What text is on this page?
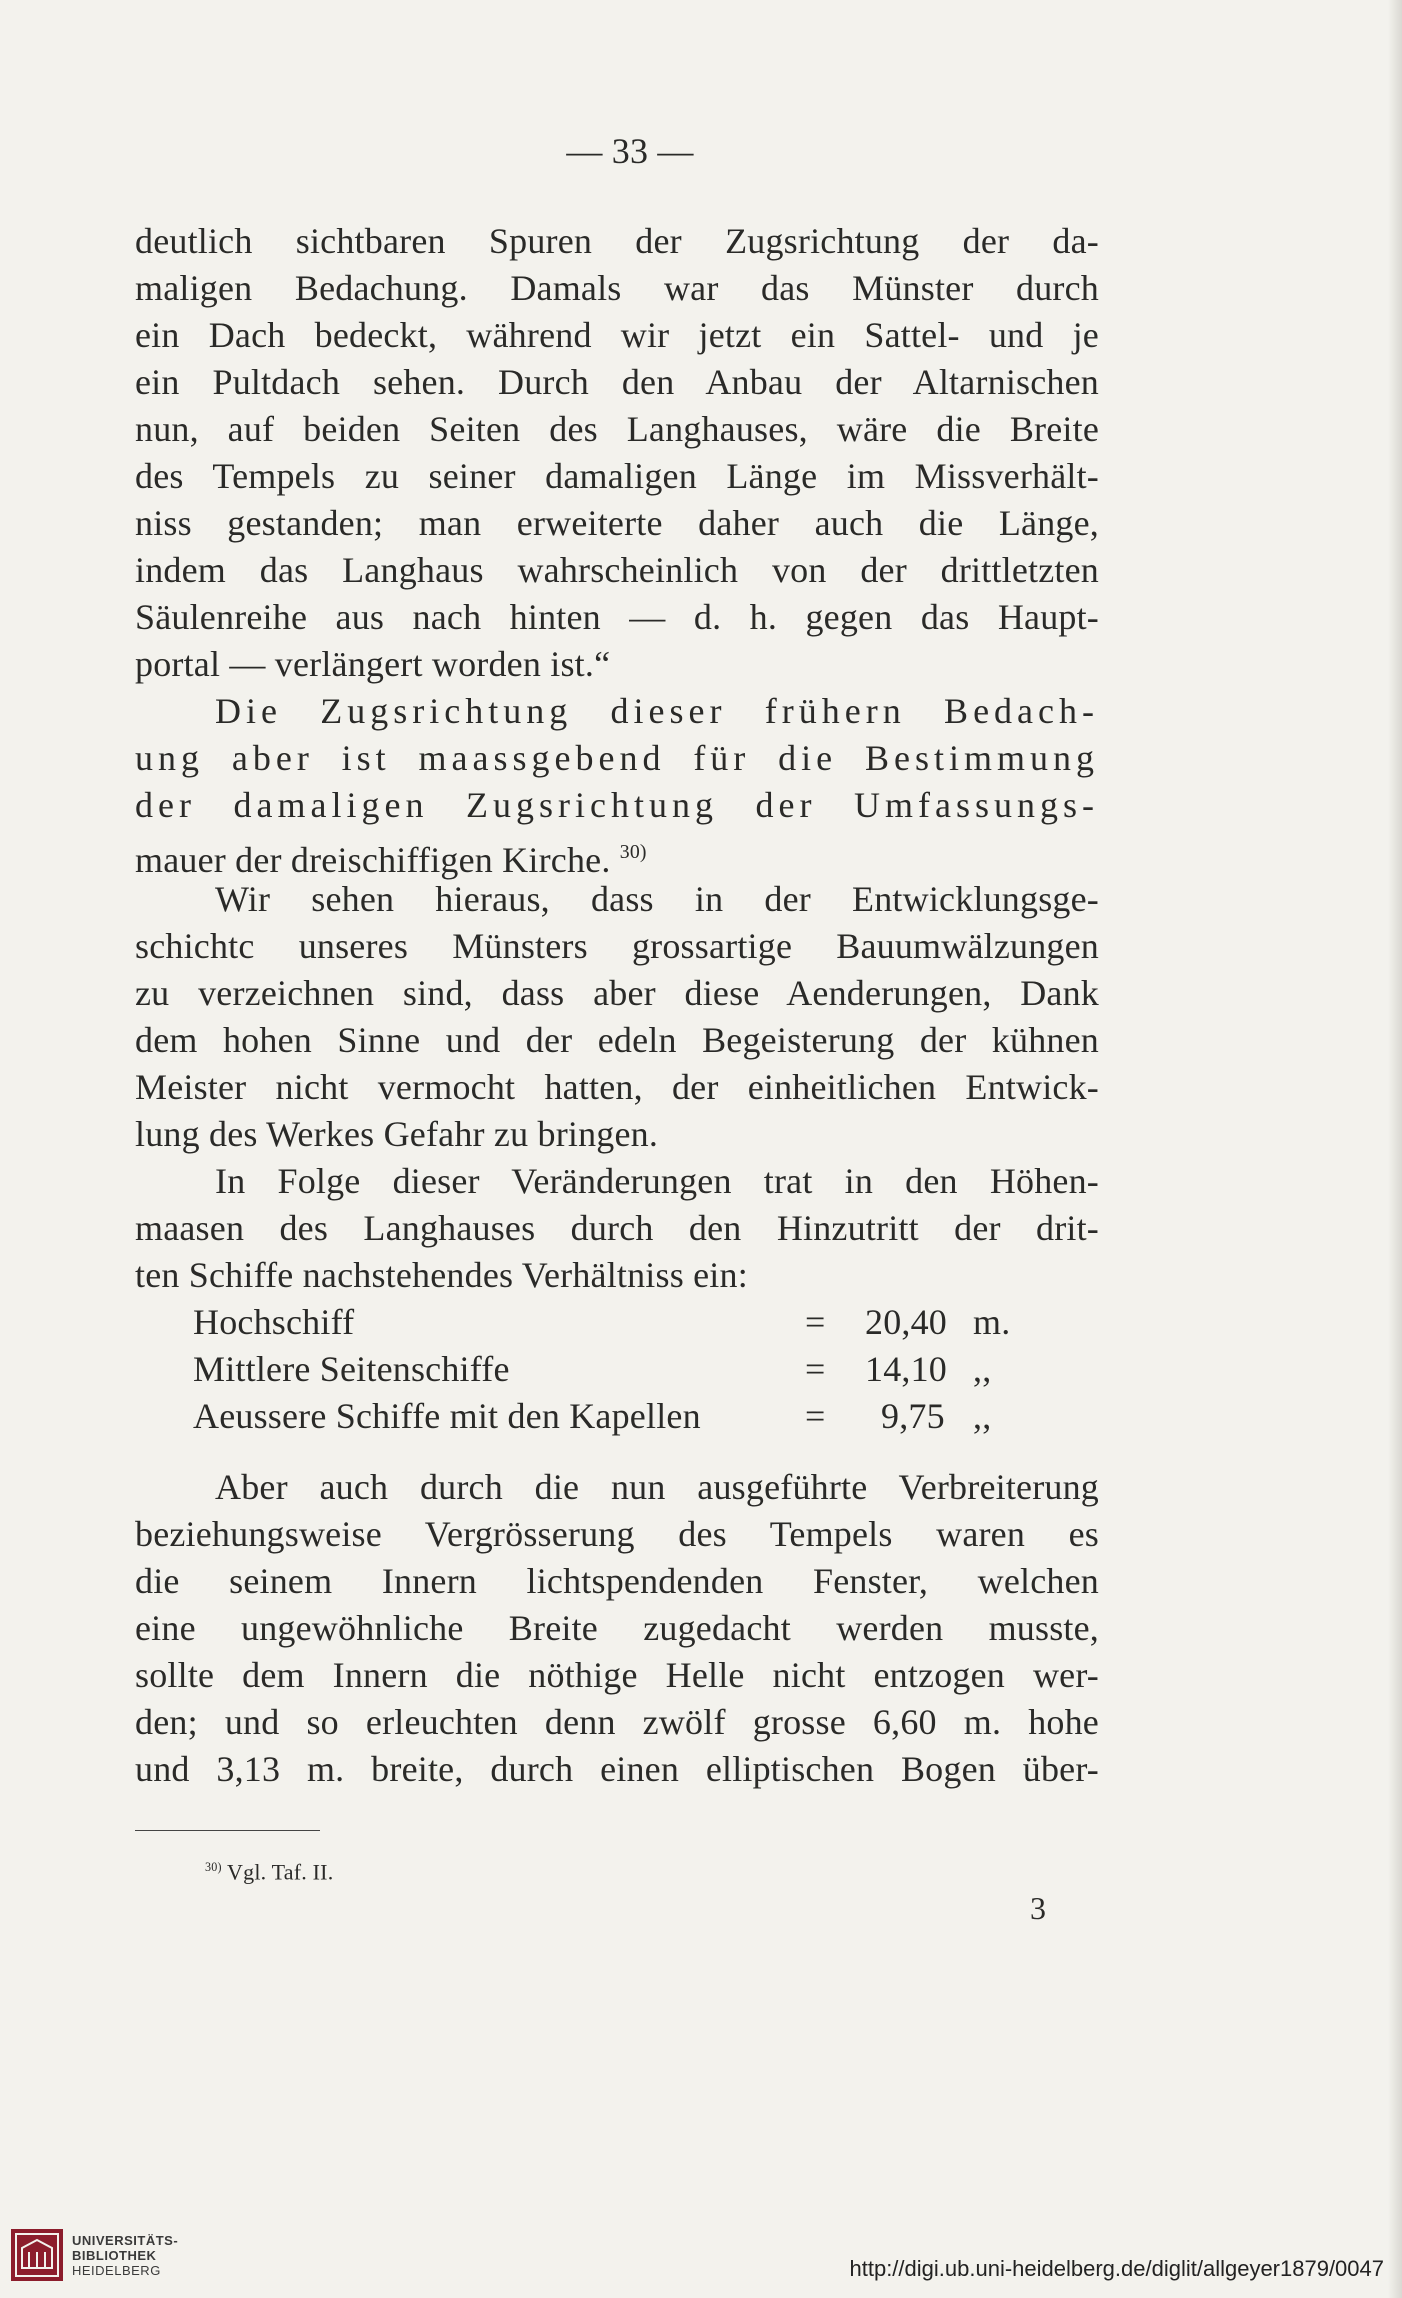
— 33 —
deutlich sichtbaren Spuren der Zugsrichtung der da-
maligen Bedachung. Damals war das Münster durch
ein Dach bedeckt, während wir jetzt ein Sattel- und je
ein Pultdach sehen. Durch den Anbau der Altarnischen
nun, auf beiden Seiten des Langhauses, wäre die Breite
des Tempels zu seiner damaligen Länge im Missverhält-
niss gestanden; man erweiterte daher auch die Länge,
indem das Langhaus wahrscheinlich von der drittletzten
Säulenreihe aus nach hinten — d. h. gegen das Haupt-
portal — verlängert worden ist.“
Die Zugsrichtung dieser frühern Bedach-
ung aber ist maassgebend für die Bestimmung
der damaligen Zugsrichtung der Umfassungs-
mauer der dreischiffigen Kirche. $^{30)}$
Wir sehen hieraus, dass in der Entwicklungsge-
schichtc unseres Münsters grossartige Bauumwälzungen
zu verzeichnen sind, dass aber diese Aenderungen, Dank
dem hohen Sinne und der edeln Begeisterung der kühnen
Meister nicht vermocht hatten, der einheitlichen Entwick-
lung des Werkes Gefahr zu bringen.
In Folge dieser Veränderungen trat in den Höhen-
maasen des Langhauses durch den Hinzutritt der drit-
ten Schiffe nachstehendes Verhältniss ein:
Hochschiff	= 20,40 m.
Mittlere Seitenschiffe	= 14,10 ,,
Aeussere Schiffe mit den Kapellen	= 9,75 ,,
Aber auch durch die nun ausgeführte Verbreiterung
beziehungsweise Vergrösserung des Tempels waren es
die seinem Innern lichtspendenden Fenster, welchen
eine ungewöhnliche Breite zugedacht werden musste,
sollte dem Innern die nöthige Helle nicht entzogen wer-
den; und so erleuchten denn zwölf grosse 6,60 m. hohe
und 3,13 m. breite, durch einen elliptischen Bogen über-
$^{30)}$ Vgl. Taf. II.
3
UNIVERSITÄTS-
BIBLIOTHEK
HEIDELBERG	http://digi.ub.uni-heidelberg.de/diglit/allgeyer1879/0047
